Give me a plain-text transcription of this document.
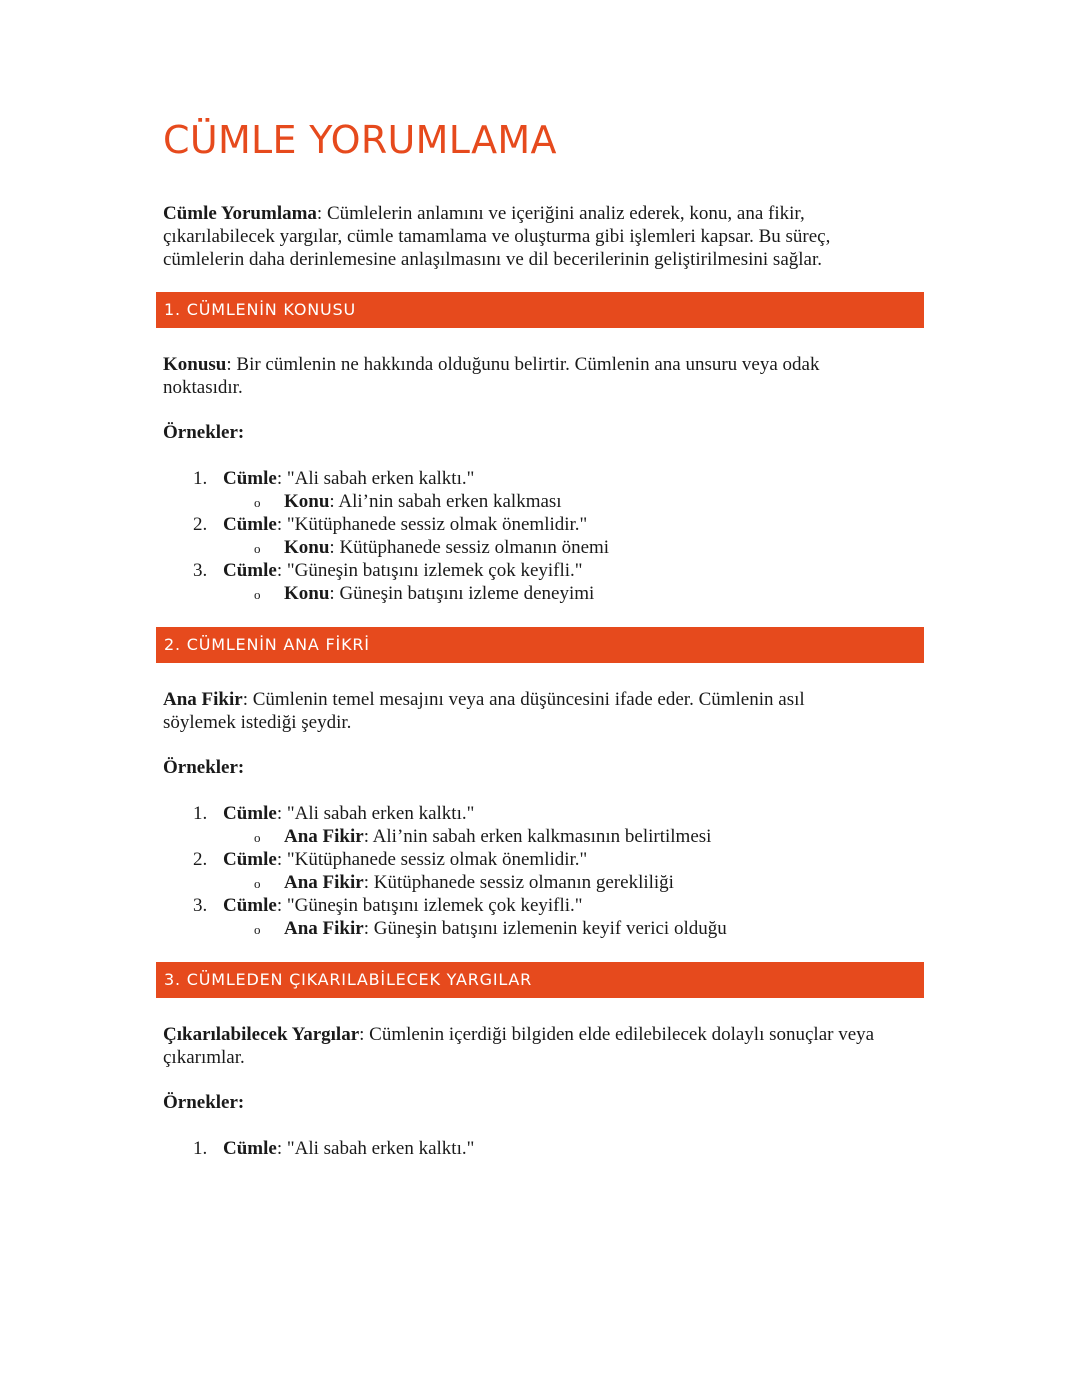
CÜMLE YORUMLAMA

Cümle Yorumlama: Cümlelerin anlamını ve içeriğini analiz ederek, konu, ana fikir,
çıkarılabilecek yargılar, cümle tamamlama ve oluşturma gibi işlemleri kapsar. Bu süreç,
cümlelerin daha derinlemesine anlaşılmasını ve dil becerilerinin geliştirilmesini sağlar.

1. CÜMLENİN KONUSU

Konusu: Bir cümlenin ne hakkında olduğunu belirtir. Cümlenin ana unsuru veya odak
noktasıdır.

Örnekler:

1. Cümle: "Ali sabah erken kalktı."
o Konu: Ali’nin sabah erken kalkması
2. Cümle: "Kütüphanede sessiz olmak önemlidir."
o Konu: Kütüphanede sessiz olmanın önemi
3. Cümle: "Güneşin batışını izlemek çok keyifli."
o Konu: Güneşin batışını izleme deneyimi
2. CÜMLENİN ANA FİKRİ

Ana Fikir: Cümlenin temel mesajını veya ana düşüncesini ifade eder. Cümlenin asıl
söylemek istediği şeydir.

Örnekler:

1. Cümle: "Ali sabah erken kalktı."
o Ana Fikir: Ali’nin sabah erken kalkmasının belirtilmesi
2. Cümle: "Kütüphanede sessiz olmak önemlidir."
o Ana Fikir: Kütüphanede sessiz olmanın gerekliliği
3. Cümle: "Güneşin batışını izlemek çok keyifli."
o Ana Fikir: Güneşin batışını izlemenin keyif verici olduğu
3. CÜMLEDEN ÇIKARILABİLECEK YARGILAR

Çıkarılabilecek Yargılar: Cümlenin içerdiği bilgiden elde edilebilecek dolaylı sonuçlar veya
çıkarımlar.

Örnekler:

1. Cümle: "Ali sabah erken kalktı."
